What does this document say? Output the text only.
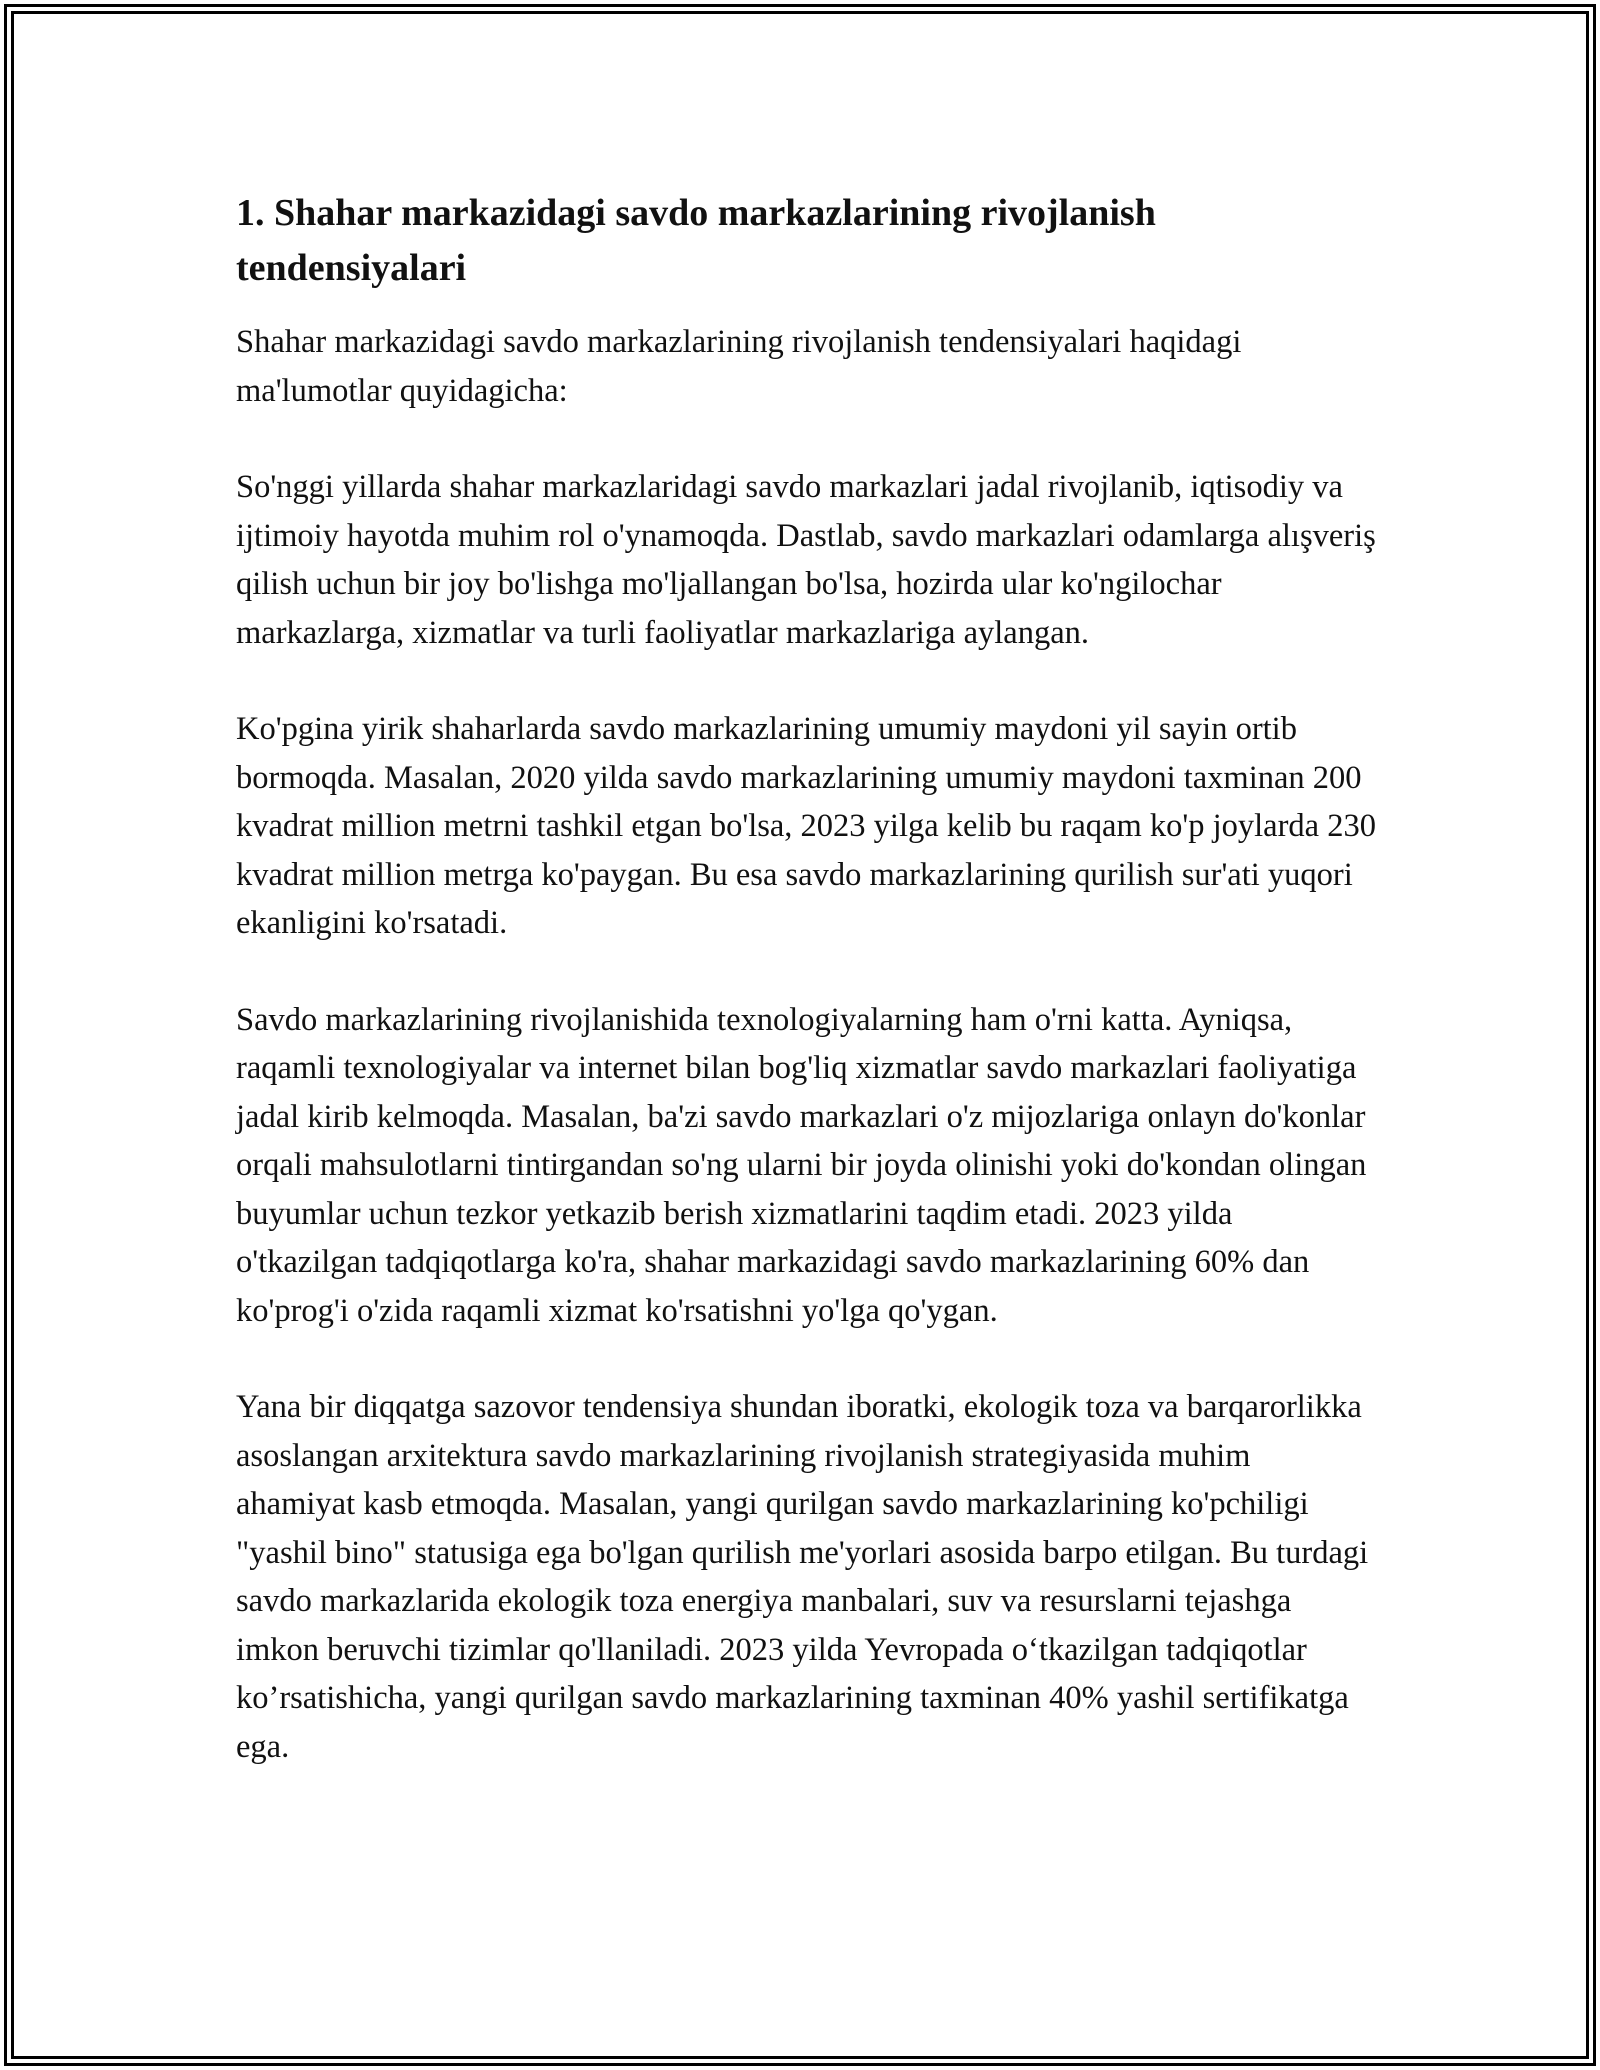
1. Shahar markazidagi savdo markazlarining rivojlanish tendensiyalari

Shahar markazidagi savdo markazlarining rivojlanish tendensiyalari haqidagi ma'lumotlar quyidagicha:

So'nggi yillarda shahar markazlaridagi savdo markazlari jadal rivojlanib, iqtisodiy va ijtimoiy hayotda muhim rol o'ynamoqda. Dastlab, savdo markazlari odamlarga alışveriş qilish uchun bir joy bo'lishga mo'ljallangan bo'lsa, hozirda ular ko'ngilochar markazlarga, xizmatlar va turli faoliyatlar markazlariga aylangan.

Ko'pgina yirik shaharlarda savdo markazlarining umumiy maydoni yil sayin ortib bormoqda. Masalan, 2020 yilda savdo markazlarining umumiy maydoni taxminan 200 kvadrat million metrni tashkil etgan bo'lsa, 2023 yilga kelib bu raqam ko'p joylarda 230 kvadrat million metrga ko'paygan. Bu esa savdo markazlarining qurilish sur'ati yuqori ekanligini ko'rsatadi.

Savdo markazlarining rivojlanishida texnologiyalarning ham o'rni katta. Ayniqsa, raqamli texnologiyalar va internet bilan bog'liq xizmatlar savdo markazlari faoliyatiga jadal kirib kelmoqda. Masalan, ba'zi savdo markazlari o'z mijozlariga onlayn do'konlar orqali mahsulotlarni tintirgandan so'ng ularni bir joyda olinishi yoki do'kondan olingan buyumlar uchun tezkor yetkazib berish xizmatlarini taqdim etadi. 2023 yilda o'tkazilgan tadqiqotlarga ko'ra, shahar markazidagi savdo markazlarining 60% dan ko'prog'i o'zida raqamli xizmat ko'rsatishni yo'lga qo'ygan.

Yana bir diqqatga sazovor tendensiya shundan iboratki, ekologik toza va barqarorlikka asoslangan arxitektura savdo markazlarining rivojlanish strategiyasida muhim ahamiyat kasb etmoqda. Masalan, yangi qurilgan savdo markazlarining ko'pchiligi "yashil bino" statusiga ega bo'lgan qurilish me'yorlari asosida barpo etilgan. Bu turdagi savdo markazlarida ekologik toza energiya manbalari, suv va resurslarni tejashga imkon beruvchi tizimlar qo'llaniladi. 2023 yilda Yevropada o‘tkazilgan tadqiqotlar ko’rsatishicha, yangi qurilgan savdo markazlarining taxminan 40% yashil sertifikatga ega.
